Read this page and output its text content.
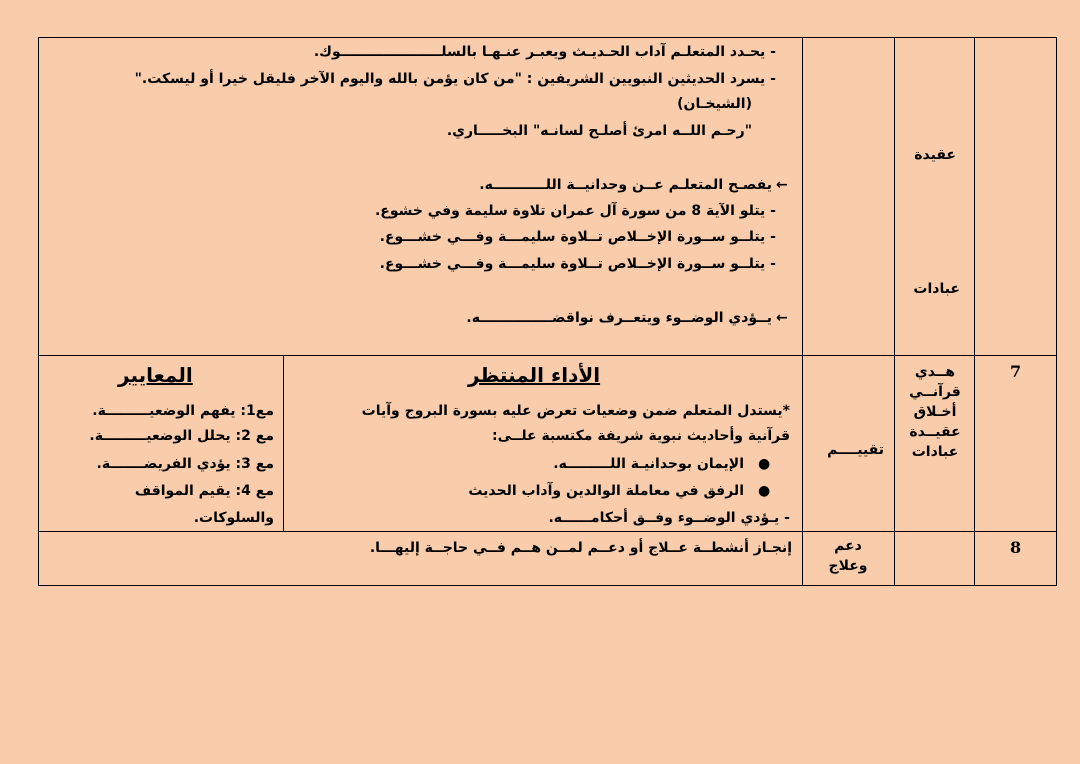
- يحـدد المتعلـم آداب الحـديـث ويعبـر عنـهـا بالسلـــــــــــــــــــــوك.
- يسرد الحديثين النبويين الشريفين : "من كان يؤمن بالله واليوم الآخر فليقل خيرا أو ليسكت."
(الشيخـان)
"رحـم اللــه امرئ أصلـح لسانـه" البخـــــاري.
←
يفصـح المتعلـم عــن وحدانيــة اللـــــــــــه.
- يتلو الآية 8 من سورة آل عمران تلاوة سليمة وفي خشوع.
- يتلــو ســورة الإخــلاص تــلاوة سليمـــة وفـــي خشـــوع.
- يتلــو ســورة الإخــلاص تــلاوة سليمـــة وفـــي خشـــوع.
←
يــؤدي الوضــوء ويتعــرف نواقضـــــــــــــــه.
عقيدة
عبادات
7
هــدي
قرآنــي
أخـلاق
عقيــدة
عبادات
تقييــــم
الأداء المنتظر
*يستدل المتعلم ضمن وضعيات تعرض عليه بسورة البروج وآيات
قرآنية وأحاديث نبوية شريفة مكتسبة علــى:
●
الإيمان بوحدانيـة اللـــــــــه.
●
الرفق في معاملة الوالدين وآداب الحديث
- يـؤدي الوضــوء وفــق أحكامــــــه.
المعايير
مع1: يفهم الوضعيـــــــــة.
مع 2: يحلل الوضعيـــــــــة.
مع 3: يؤدي الفريضـــــــة.
مع 4: يقيم المواقف
والسلوكات.
8
دعم
وعلاج
إنجـاز أنشطــة عــلاج أو دعــم لمــن هــم فــي حاجــة إليهـــا.
